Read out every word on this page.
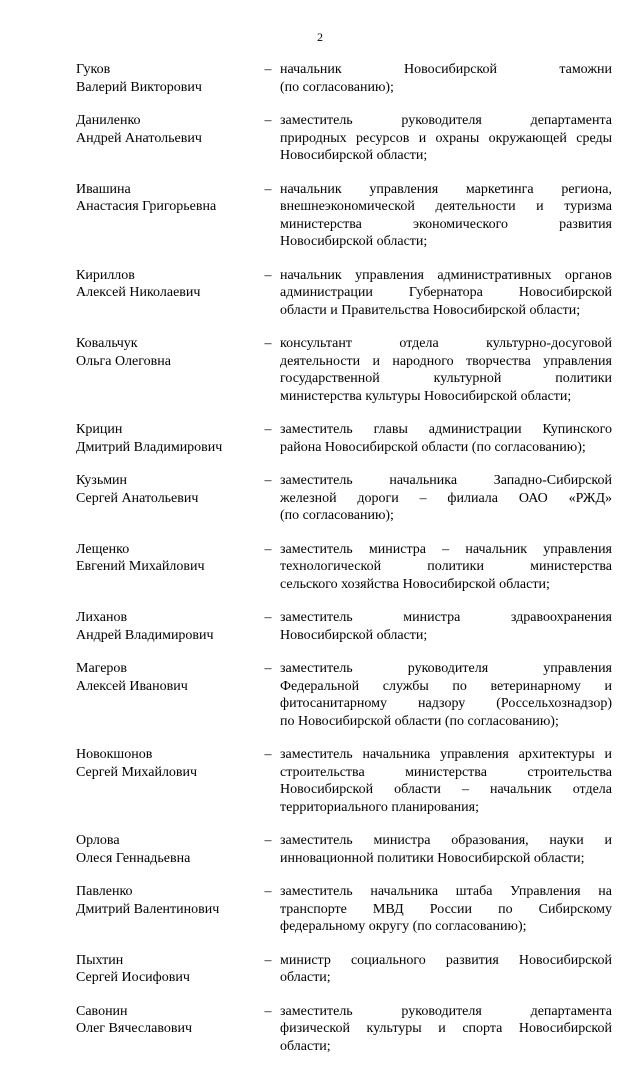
2
Гуков
Валерий Викторович
– начальник Новосибирской таможни
(по согласованию);
Даниленко
Андрей Анатольевич
– заместитель руководителя департамента
природных ресурсов и охраны окружающей среды
Новосибирской области;
Ивашина
Анастасия Григорьевна
– начальник управления маркетинга региона,
внешнеэкономической деятельности и туризма
министерства экономического развития
Новосибирской области;
Кириллов
Алексей Николаевич
– начальник управления административных органов
администрации Губернатора Новосибирской
области и Правительства Новосибирской области;
Ковальчук
Ольга Олеговна
– консультант отдела культурно-досуговой
деятельности и народного творчества управления
государственной культурной политики
министерства культуры Новосибирской области;
Крицин
Дмитрий Владимирович
– заместитель главы администрации Купинского
района Новосибирской области (по согласованию);
Кузьмин
Сергей Анатольевич
– заместитель начальника Западно-Сибирской
железной дороги – филиала ОАО «РЖД»
(по согласованию);
Лещенко
Евгений Михайлович
– заместитель министра – начальник управления
технологической политики министерства
сельского хозяйства Новосибирской области;
Лиханов
Андрей Владимирович
– заместитель министра здравоохранения
Новосибирской области;
Магеров
Алексей Иванович
– заместитель руководителя управления
Федеральной службы по ветеринарному и
фитосанитарному надзору (Россельхознадзор)
по Новосибирской области (по согласованию);
Новокшонов
Сергей Михайлович
– заместитель начальника управления архитектуры и
строительства министерства строительства
Новосибирской области – начальник отдела
территориального планирования;
Орлова
Олеся Геннадьевна
– заместитель министра образования, науки и
инновационной политики Новосибирской области;
Павленко
Дмитрий Валентинович
– заместитель начальника штаба Управления на
транспорте МВД России по Сибирскому
федеральному округу (по согласованию);
Пыхтин
Сергей Иосифович
– министр социального развития Новосибирской
области;
Савонин
Олег Вячеславович
– заместитель руководителя департамента
физической культуры и спорта Новосибирской
области;
